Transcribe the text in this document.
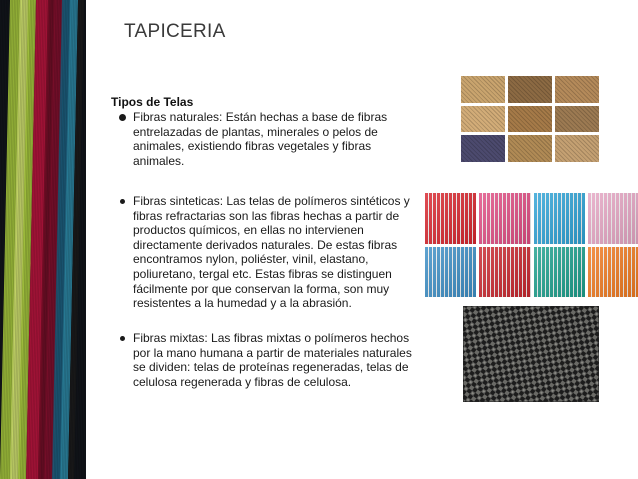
TAPICERIA
Tipos de Telas
Fibras naturales: Están hechas a base de fibras entrelazadas de plantas, minerales o pelos de animales, existiendo fibras vegetales y fibras animales.
Fibras sinteticas: Las telas de polímeros sintéticos y fibras refractarias son las fibras hechas a partir de productos químicos, en ellas no intervienen directamente derivados naturales. De estas fibras encontramos nylon, poliéster, vinil, elastano, poliuretano, tergal etc. Estas fibras se distinguen fácilmente por que conservan la forma, son muy resistentes a la humedad y a la abrasión.
Fibras mixtas: Las fibras mixtas o polímeros hechos por la mano humana a partir de materiales naturales se dividen: telas de proteínas regeneradas, telas de celulosa regenerada y fibras de celulosa.
